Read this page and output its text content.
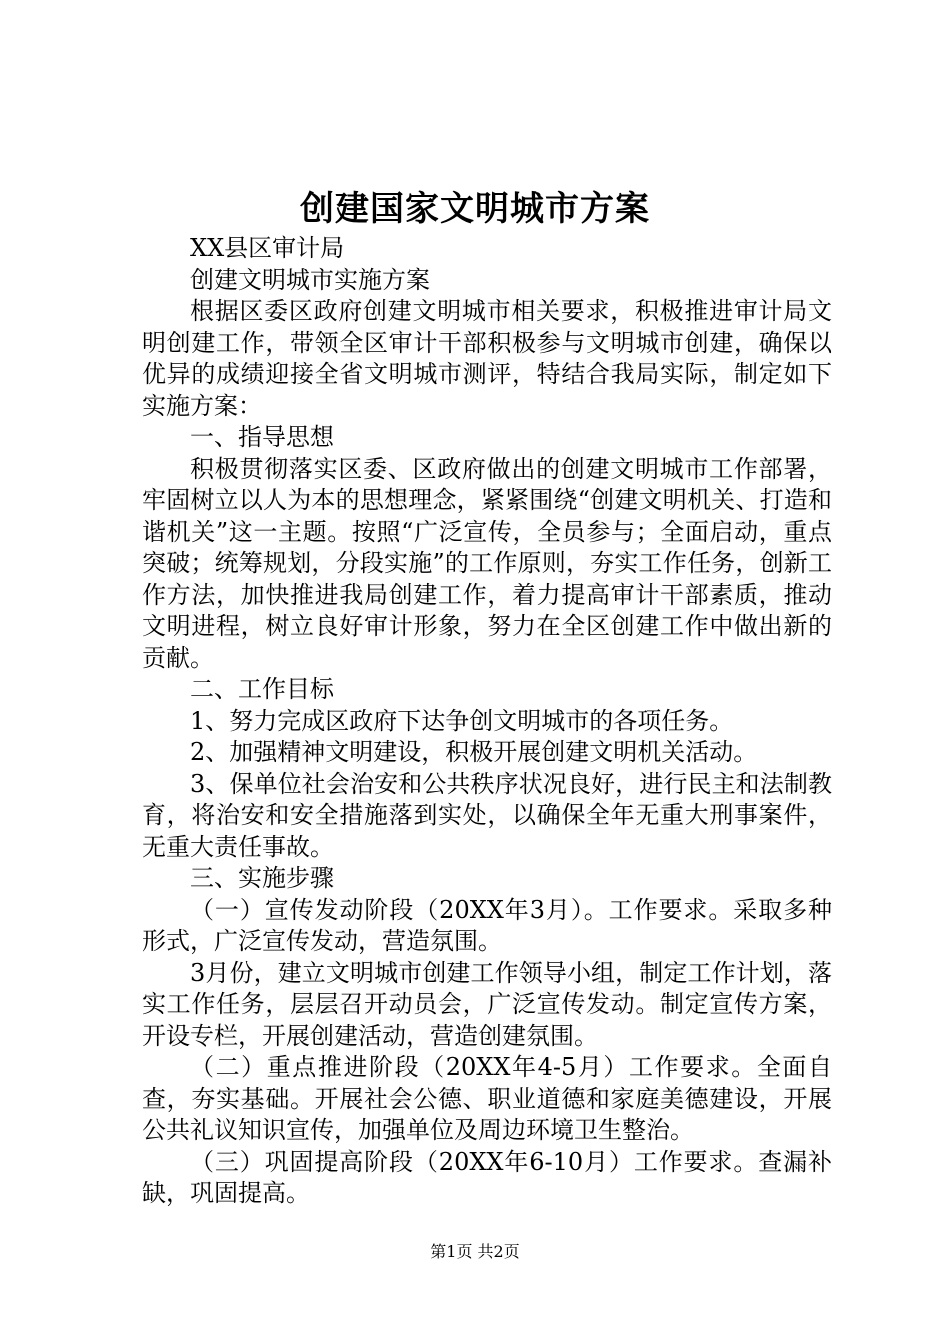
创建国家文明城市方案

XX县区审计局

创建文明城市实施方案

根据区委区政府创建文明城市相关要求，积极推进审计局文明创建工作，带领全区审计干部积极参与文明城市创建，确保以优异的成绩迎接全省文明城市测评，特结合我局实际，制定如下实施方案：

一、指导思想

积极贯彻落实区委、区政府做出的创建文明城市工作部署，牢固树立以人为本的思想理念，紧紧围绕“创建文明机关、打造和谐机关”这一主题。按照“广泛宣传，全员参与；全面启动，重点突破；统筹规划，分段实施”的工作原则，夯实工作任务，创新工作方法，加快推进我局创建工作，着力提高审计干部素质，推动文明进程，树立良好审计形象，努力在全区创建工作中做出新的贡献。

二、工作目标

1、努力完成区政府下达争创文明城市的各项任务。

2、加强精神文明建设，积极开展创建文明机关活动。

3、保单位社会治安和公共秩序状况良好，进行民主和法制教育，将治安和安全措施落到实处，以确保全年无重大刑事案件，无重大责任事故。

三、实施步骤

（一）宣传发动阶段（20XX年3月）。工作要求。采取多种形式，广泛宣传发动，营造氛围。

3月份，建立文明城市创建工作领导小组，制定工作计划，落实工作任务，层层召开动员会，广泛宣传发动。制定宣传方案，开设专栏，开展创建活动，营造创建氛围。

（二）重点推进阶段（20XX年4-5月）工作要求。全面自查，夯实基础。开展社会公德、职业道德和家庭美德建设，开展公共礼议知识宣传，加强单位及周边环境卫生整治。

（三）巩固提高阶段（20XX年6-10月）工作要求。查漏补缺，巩固提高。

第1页 共2页
